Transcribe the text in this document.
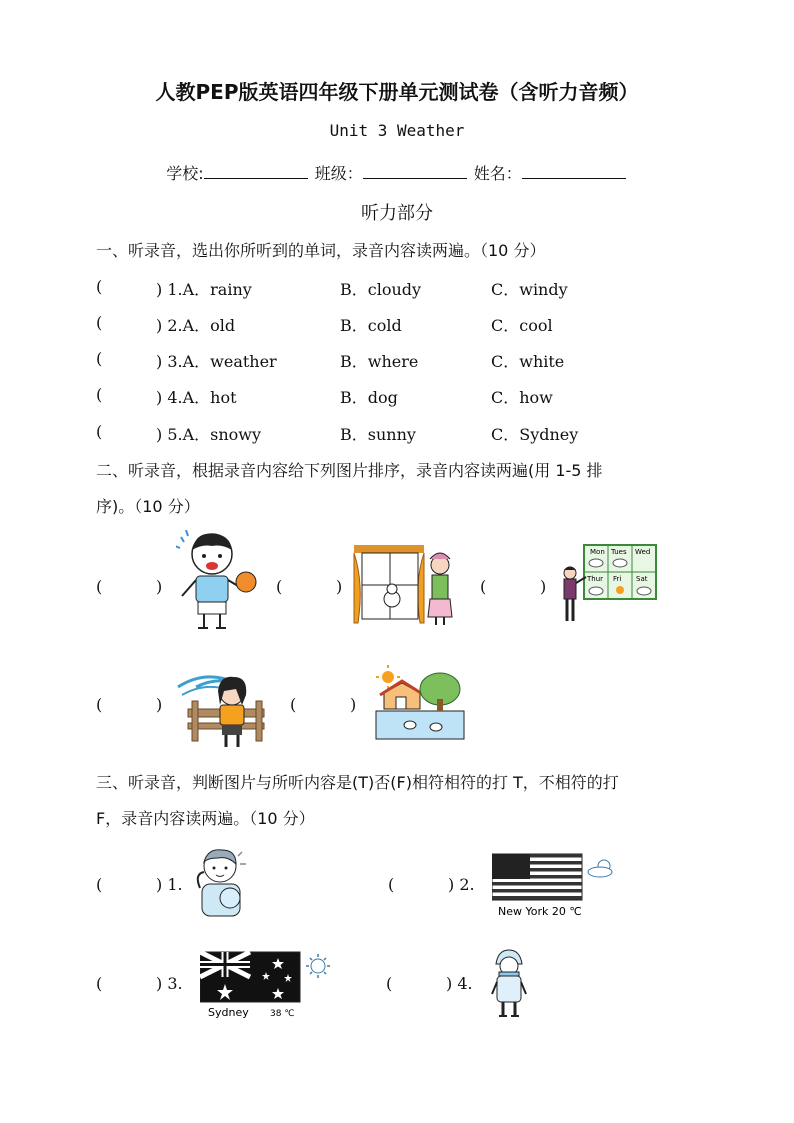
人教PEP版英语四年级下册单元测试卷（含听力音频）
Unit 3 Weather
学校:	班级：	姓名：
听力部分
一、听录音，选出你所听到的单词，录音内容读两遍。（10 分）
(	) 1.A．rainy	B．cloudy	C．windy
(	) 2.A．old	B．cold	C．cool
(	) 3.A．weather	B．where	C．white
(	) 4.A．hot	B．dog	C．how
(	) 5.A．snowy	B．sunny	C．Sydney
二、听录音，根据录音内容给下列图片排序，录音内容读两遍(用 1-5 排
序)。（10 分）
(	)	(	)	(	)
(	)	(	)
Mon Tues Wed
Thur Fri Sat
三、听录音，判断图片与所听内容是(T)否(F)相符相符的打 T，不相符的打
F，录音内容读两遍。（10 分）
(	) 1.	(	) 2.
(	) 3.	(	) 4.
New York 20 ℃
Sydney 38 ℃
